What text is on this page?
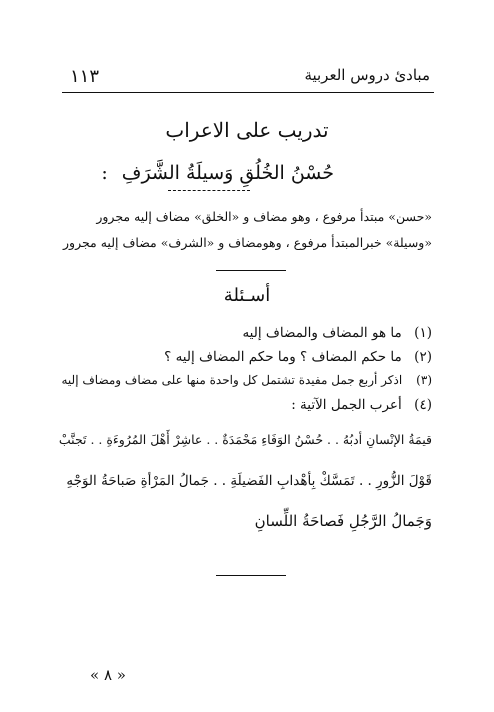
مبادئ دروس العربية
١١٣
تدريب على الاعراب
حُسْنُ الخُلُقِ وَسيلَةُ الشَّرَفِ:
«حسن» مبتدأ مرفوع ، وهو مضاف و «الخلق» مضاف إليه مجرور
«وسيلة» خبرالمبتدأ مرفوع ، وهومضاف و «الشرف» مضاف إليه مجرور
أسـئلة
(١) ما هو المضاف والمضاف إليه
(٢) ما حكم المضاف ؟ وما حكم المضاف إليه ؟
(٣) اذكر أربع جمل مفيدة تشتمل كل واحدة منها على مضاف ومضاف إليه
(٤) أعرب الجمل الآتية :
قيمَةُ الإنْسانِ أدبُهُ . . حُسْنُ الوَفَاءِ مَحْمَدَةٌ . . عاشِرْ أَهْلَ المُرُوءَةِ . . تَجنَّبْ
قَوْلَ الزُّورِ . . تَمَسَّكْ بِأهْدابِ الفَضيلَةِ . . جَمالُ المَرْأةِ صَباحَةُ الوَجْهِ
وَجَمالُ الرَّجُلِ فَصاحَةُ اللِّسانِ
« ٨ »
